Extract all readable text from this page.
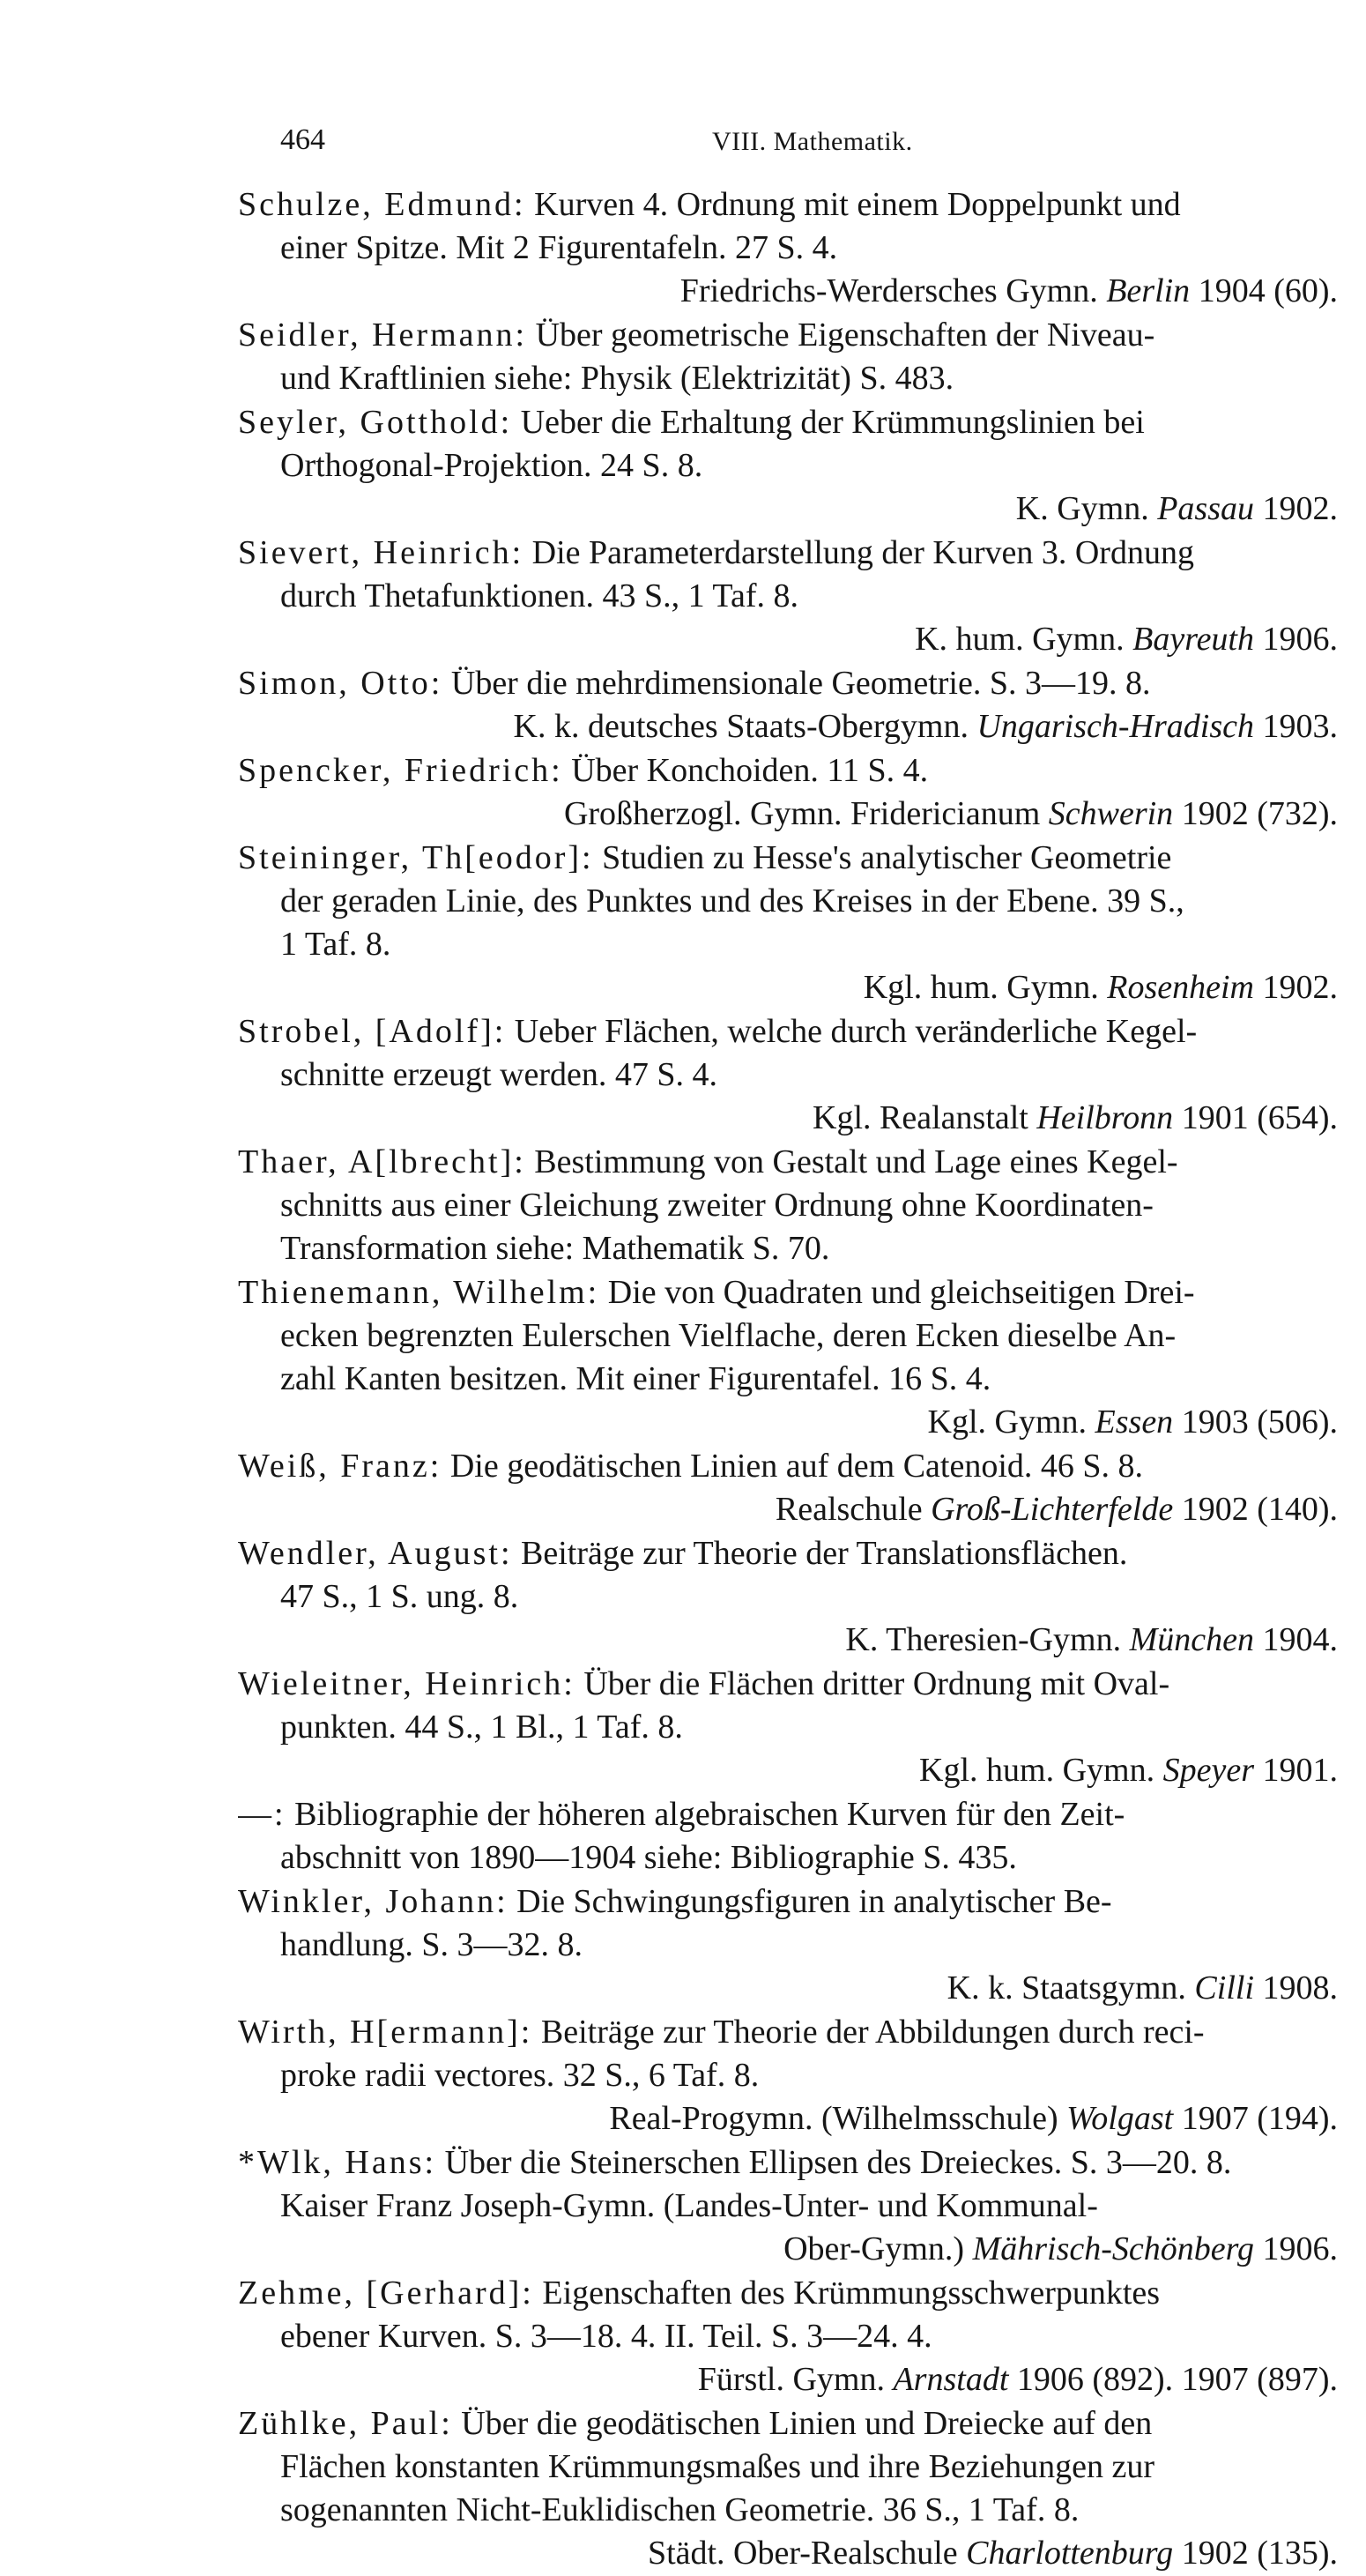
464	VIII. Mathematik.
Schulze, Edmund: Kurven 4. Ordnung mit einem Doppelpunkt und
einer Spitze. Mit 2 Figurentafeln. 27 S. 4.
Friedrichs-Werdersches Gymn. Berlin 1904 (60).
Seidler, Hermann: Über geometrische Eigenschaften der Niveau-
und Kraftlinien siehe: Physik (Elektrizität) S. 483.
Seyler, Gotthold: Ueber die Erhaltung der Krümmungslinien bei
Orthogonal-Projektion. 24 S. 8.
K. Gymn. Passau 1902.
Sievert, Heinrich: Die Parameterdarstellung der Kurven 3. Ordnung
durch Thetafunktionen. 43 S., 1 Taf. 8.
K. hum. Gymn. Bayreuth 1906.
Simon, Otto: Über die mehrdimensionale Geometrie. S. 3—19. 8.
K. k. deutsches Staats-Obergymn. Ungarisch-Hradisch 1903.
Spencker, Friedrich: Über Konchoiden. 11 S. 4.
Großherzogl. Gymn. Fridericianum Schwerin 1902 (732).
Steininger, Th[eodor]: Studien zu Hesse's analytischer Geometrie
der geraden Linie, des Punktes und des Kreises in der Ebene. 39 S.,
1 Taf. 8.
Kgl. hum. Gymn. Rosenheim 1902.
Strobel, [Adolf]: Ueber Flächen, welche durch veränderliche Kegel-
schnitte erzeugt werden. 47 S. 4.
Kgl. Realanstalt Heilbronn 1901 (654).
Thaer, A[lbrecht]: Bestimmung von Gestalt und Lage eines Kegel-
schnitts aus einer Gleichung zweiter Ordnung ohne Koordinaten-
Transformation siehe: Mathematik S. 70.
Thienemann, Wilhelm: Die von Quadraten und gleichseitigen Drei-
ecken begrenzten Eulerschen Vielflache, deren Ecken dieselbe An-
zahl Kanten besitzen. Mit einer Figurentafel. 16 S. 4.
Kgl. Gymn. Essen 1903 (506).
Weiß, Franz: Die geodätischen Linien auf dem Catenoid. 46 S. 8.
Realschule Groß-Lichterfelde 1902 (140).
Wendler, August: Beiträge zur Theorie der Translationsflächen.
47 S., 1 S. ung. 8.
K. Theresien-Gymn. München 1904.
Wieleitner, Heinrich: Über die Flächen dritter Ordnung mit Oval-
punkten. 44 S., 1 Bl., 1 Taf. 8.
Kgl. hum. Gymn. Speyer 1901.
—: Bibliographie der höheren algebraischen Kurven für den Zeit-
abschnitt von 1890—1904 siehe: Bibliographie S. 435.
Winkler, Johann: Die Schwingungsfiguren in analytischer Be-
handlung. S. 3—32. 8.
K. k. Staatsgymn. Cilli 1908.
Wirth, H[ermann]: Beiträge zur Theorie der Abbildungen durch reci-
proke radii vectores. 32 S., 6 Taf. 8.
Real-Progymn. (Wilhelmsschule) Wolgast 1907 (194).
*Wlk, Hans: Über die Steinerschen Ellipsen des Dreieckes. S. 3—20. 8.
Kaiser Franz Joseph-Gymn. (Landes-Unter- und Kommunal-
Ober-Gymn.) Mährisch-Schönberg 1906.
Zehme, [Gerhard]: Eigenschaften des Krümmungsschwerpunktes
ebener Kurven. S. 3—18. 4. II. Teil. S. 3—24. 4.
Fürstl. Gymn. Arnstadt 1906 (892). 1907 (897).
Zühlke, Paul: Über die geodätischen Linien und Dreiecke auf den
Flächen konstanten Krümmungsmaßes und ihre Beziehungen zur
sogenannten Nicht-Euklidischen Geometrie. 36 S., 1 Taf. 8.
Städt. Ober-Realschule Charlottenburg 1902 (135).
